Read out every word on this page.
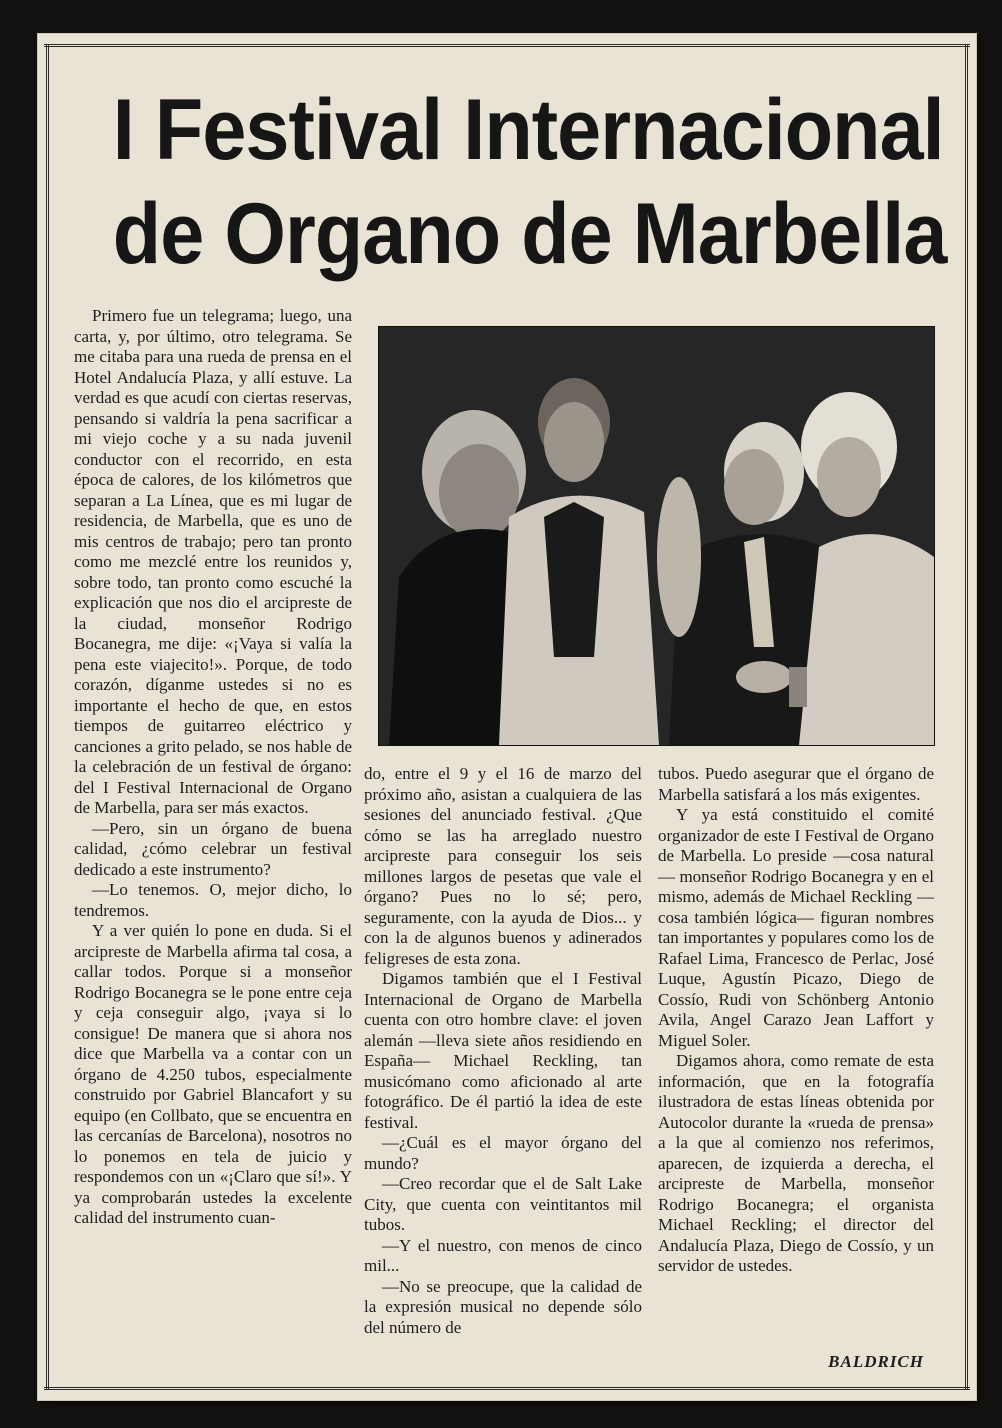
I Festival Internacional
de Organo de Marbella

Primero fue un telegrama; luego, una carta, y, por último, otro telegrama. Se me citaba para una rueda de prensa en el Hotel Andalucía Plaza, y allí estuve. La verdad es que acudí con ciertas reservas, pensando si valdría la pena sacrificar a mi viejo coche y a su nada juvenil conductor con el recorrido, en esta época de calores, de los kilómetros que separan a La Línea, que es mi lugar de residencia, de Marbella, que es uno de mis centros de trabajo; pero tan pronto como me mezclé entre los reunidos y, sobre todo, tan pronto como escuché la explicación que nos dio el arcipreste de la ciudad, monseñor Rodrigo Bocanegra, me dije: «¡Vaya si valía la pena este viajecito!». Porque, de todo corazón, díganme ustedes si no es importante el hecho de que, en estos tiempos de guitarreo eléctrico y canciones a grito pelado, se nos hable de la celebración de un festival de órgano: del I Festival Internacional de Organo de Marbella, para ser más exactos.

—Pero, sin un órgano de buena calidad, ¿cómo celebrar un festival dedicado a este instrumento?

—Lo tenemos. O, mejor dicho, lo tendremos.

Y a ver quién lo pone en duda. Si el arcipreste de Marbella afirma tal cosa, a callar todos. Porque si a monseñor Rodrigo Bocanegra se le pone entre ceja y ceja conseguir algo, ¡vaya si lo consigue! De manera que si ahora nos dice que Marbella va a contar con un órgano de 4.250 tubos, especialmente construido por Gabriel Blancafort y su equipo (en Collbato, que se encuentra en las cercanías de Barcelona), nosotros no lo ponemos en tela de juicio y respondemos con un «¡Claro que sí!». Y ya comprobarán ustedes la excelente calidad del instrumento cuan-

do, entre el 9 y el 16 de marzo del próximo año, asistan a cualquiera de las sesiones del anunciado festival. ¿Que cómo se las ha arreglado nuestro arcipreste para conseguir los seis millones largos de pesetas que vale el órgano? Pues no lo sé; pero, seguramente, con la ayuda de Dios... y con la de algunos buenos y adinerados feligreses de esta zona.

Digamos también que el I Festival Internacional de Organo de Marbella cuenta con otro hombre clave: el joven alemán —lleva siete años residiendo en España— Michael Reckling, tan musicómano como aficionado al arte fotográfico. De él partió la idea de este festival.

—¿Cuál es el mayor órgano del mundo?

—Creo recordar que el de Salt Lake City, que cuenta con veintitantos mil tubos.

—Y el nuestro, con menos de cinco mil...

—No se preocupe, que la calidad de la expresión musical no depende sólo del número de

tubos. Puedo asegurar que el órgano de Marbella satisfará a los más exigentes.

Y ya está constituido el comité organizador de este I Festival de Organo de Marbella. Lo preside —cosa natural— monseñor Rodrigo Bocanegra y en el mismo, además de Michael Reckling —cosa también lógica— figuran nombres tan importantes y populares como los de Rafael Lima, Francesco de Perlac, José Luque, Agustín Picazo, Diego de Cossío, Rudi von Schönberg Antonio Avila, Angel Carazo Jean Laffort y Miguel Soler.

Digamos ahora, como remate de esta información, que en la fotografía ilustradora de estas líneas obtenida por Autocolor durante la «rueda de prensa» a la que al comienzo nos referimos, aparecen, de izquierda a derecha, el arcipreste de Marbella, monseñor Rodrigo Bocanegra; el organista Michael Reckling; el director del Andalucía Plaza, Diego de Cossío, y un servidor de ustedes.

BALDRICH
